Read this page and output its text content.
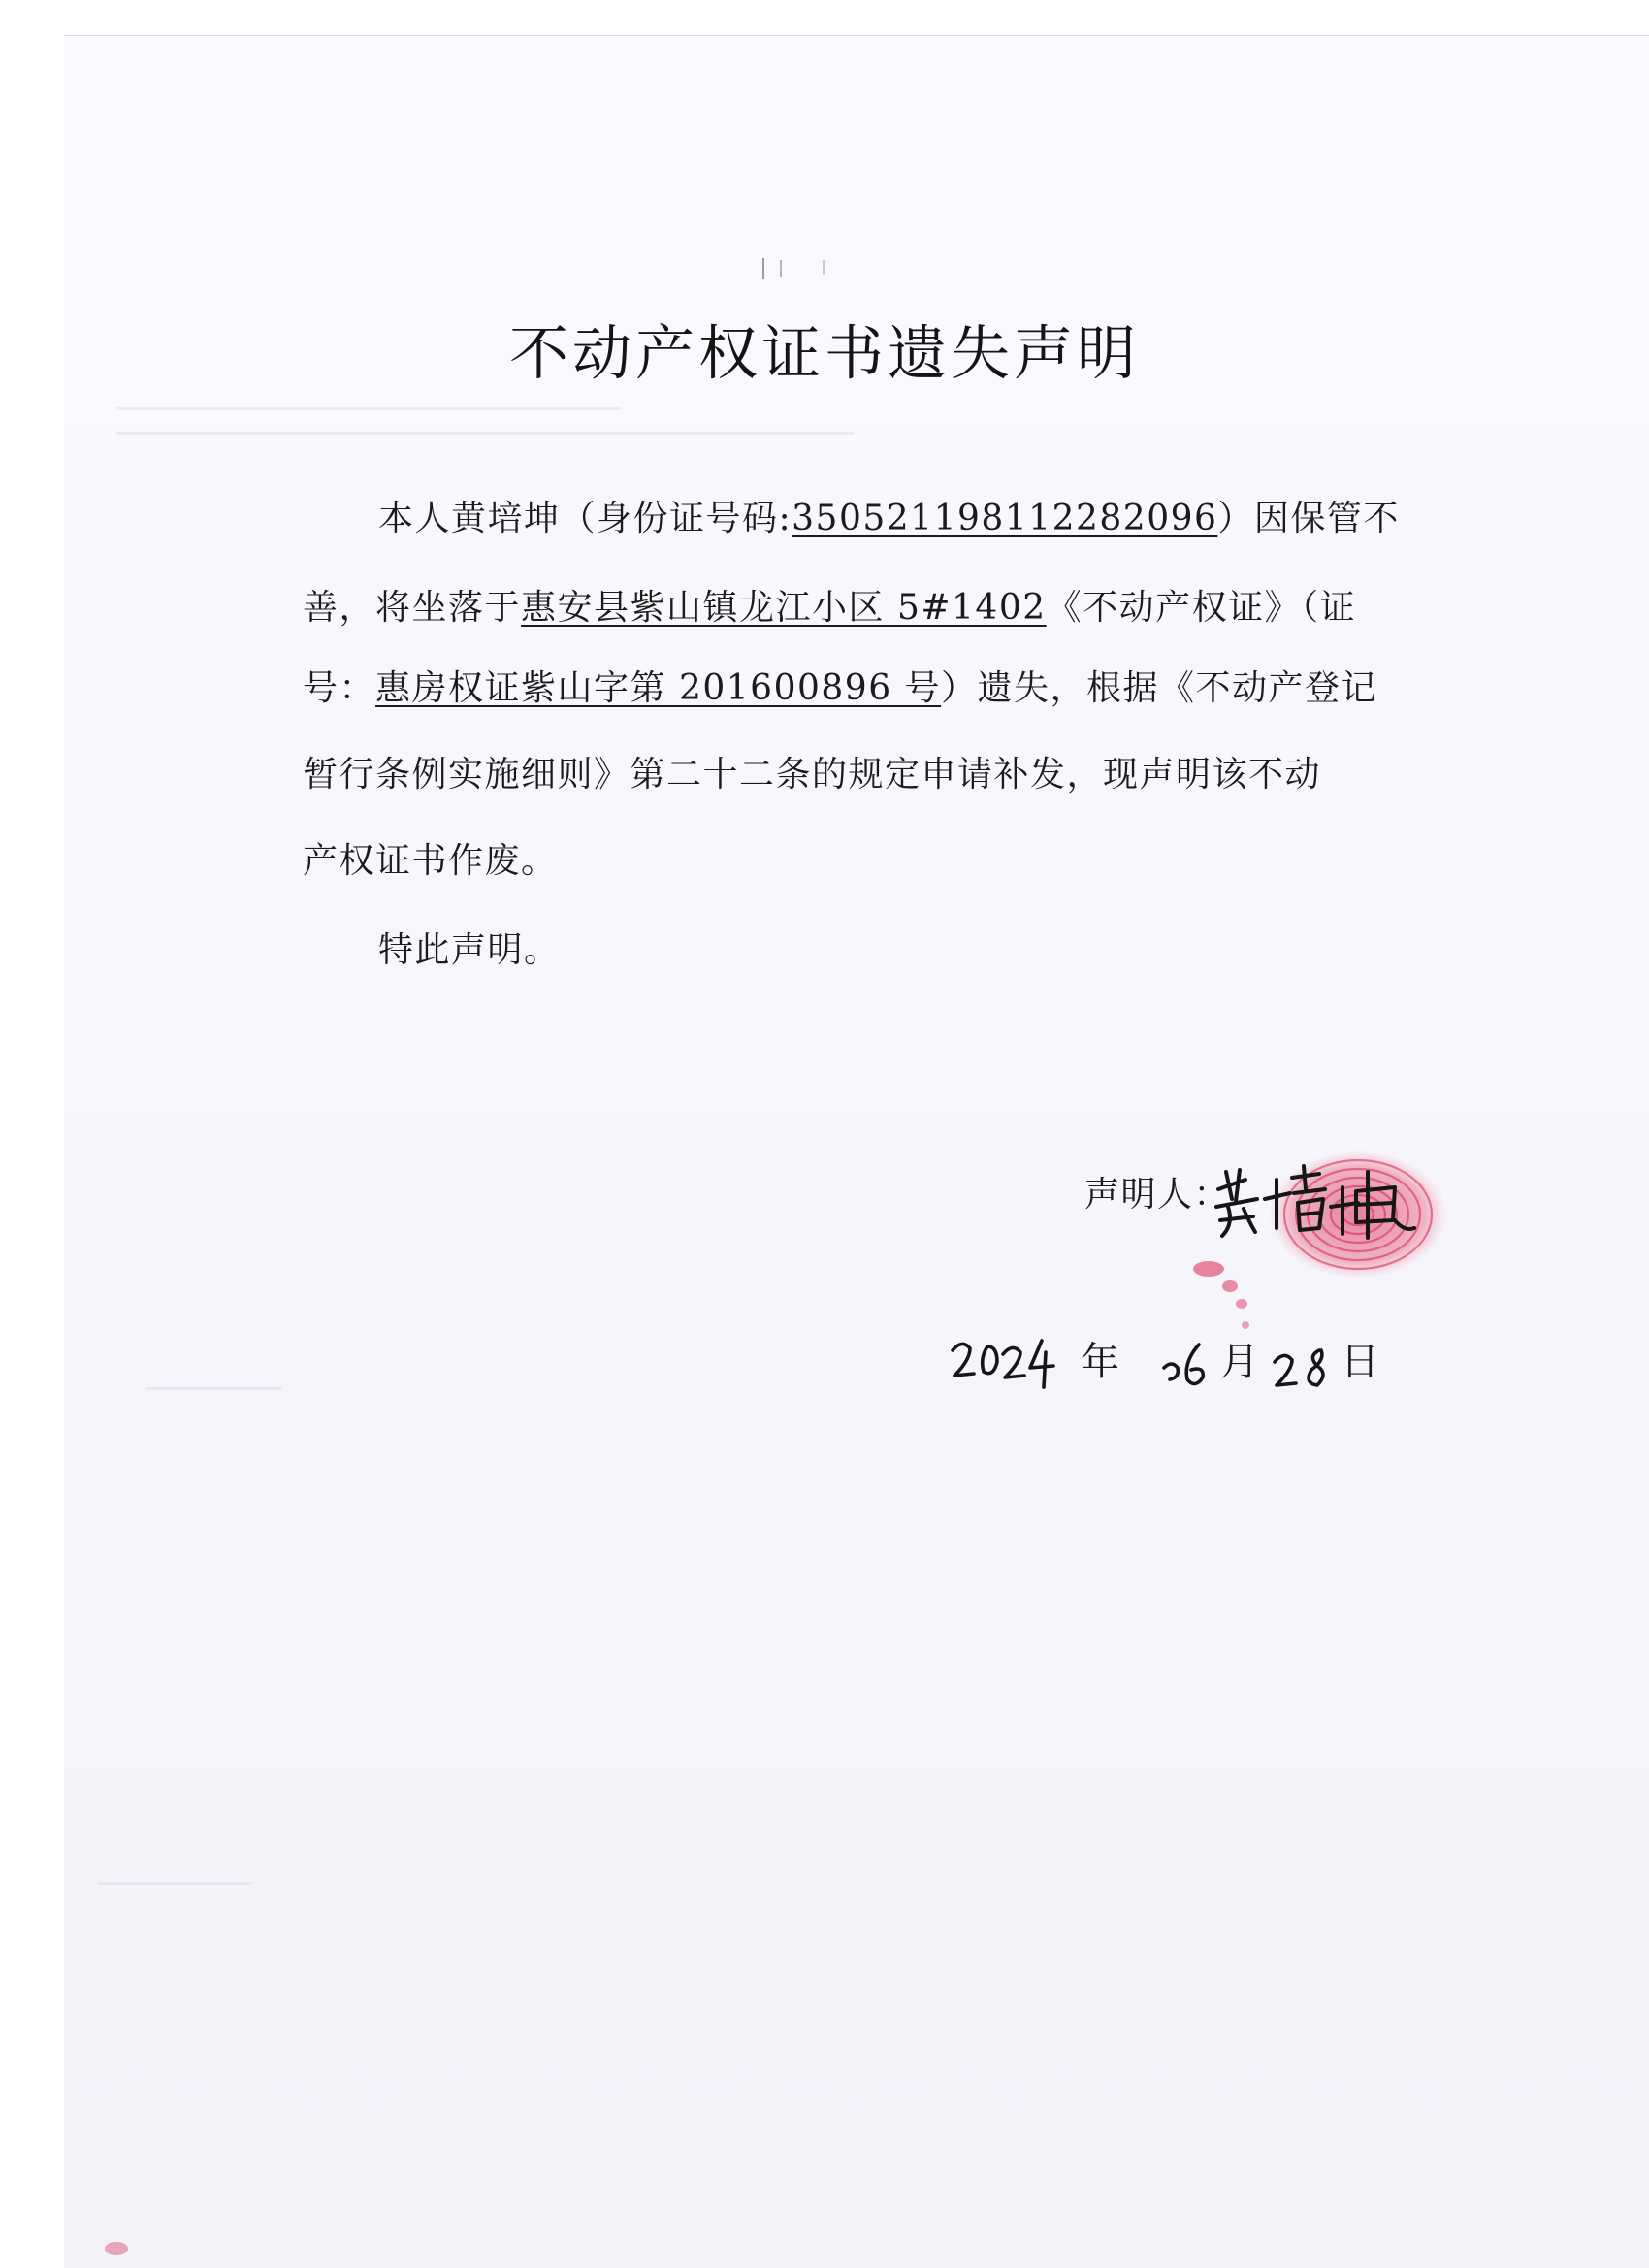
不动产权证书遗失声明
本人黄培坤（身份证号码:350521198112282096）因保管不
善，将坐落于惠安县紫山镇龙江小区 5#1402《不动产权证》（证
号：惠房权证紫山字第 201600896 号）遗失，根据《不动产登记
暂行条例实施细则》第二十二条的规定申请补发，现声明该不动
产权证书作废。
特此声明。
声明人：
年	月 日
